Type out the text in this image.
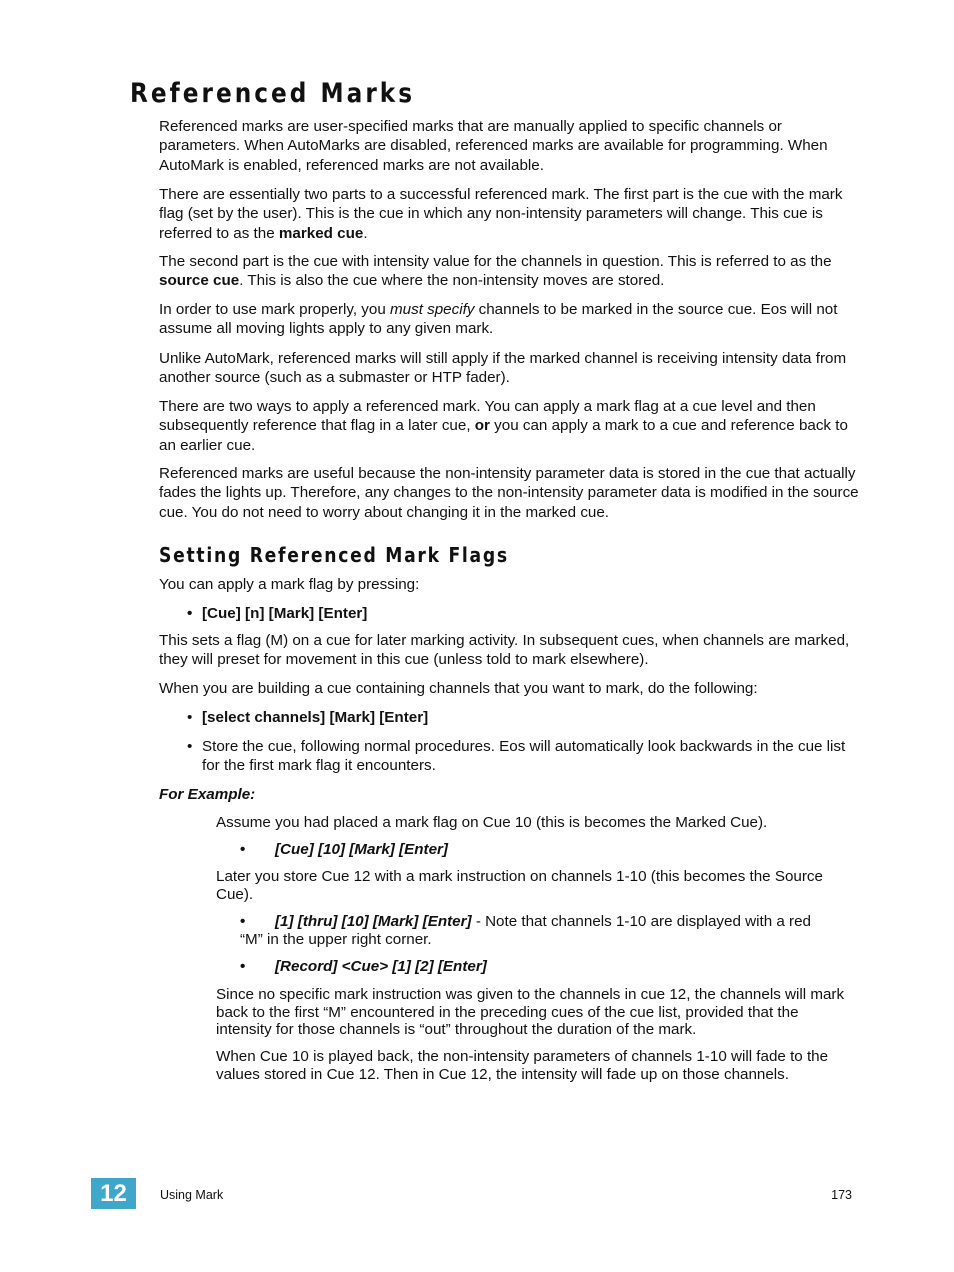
Referenced Marks

Referenced marks are user-specified marks that are manually applied to specific channels or parameters. When AutoMarks are disabled, referenced marks are available for programming. When AutoMark is enabled, referenced marks are not available.

There are essentially two parts to a successful referenced mark. The first part is the cue with the mark flag (set by the user). This is the cue in which any non-intensity parameters will change. This cue is referred to as the marked cue.

The second part is the cue with intensity value for the channels in question. This is referred to as the source cue. This is also the cue where the non-intensity moves are stored.

In order to use mark properly, you must specify channels to be marked in the source cue. Eos will not assume all moving lights apply to any given mark.

Unlike AutoMark, referenced marks will still apply if the marked channel is receiving intensity data from another source (such as a submaster or HTP fader).

There are two ways to apply a referenced mark. You can apply a mark flag at a cue level and then subsequently reference that flag in a later cue, or you can apply a mark to a cue and reference back to an earlier cue.

Referenced marks are useful because the non-intensity parameter data is stored in the cue that actually fades the lights up. Therefore, any changes to the non-intensity parameter data is modified in the source cue. You do not need to worry about changing it in the marked cue.

Setting Referenced Mark Flags

You can apply a mark flag by pressing:

• [Cue] [n] [Mark] [Enter]

This sets a flag (M) on a cue for later marking activity. In subsequent cues, when channels are marked, they will preset for movement in this cue (unless told to mark elsewhere).

When you are building a cue containing channels that you want to mark, do the following:

• [select channels] [Mark] [Enter]
• Store the cue, following normal procedures. Eos will automatically look backwards in the cue list for the first mark flag it encounters.
For Example:

Assume you had placed a mark flag on Cue 10 (this is becomes the Marked Cue).

•	[Cue] [10] [Mark] [Enter]

Later you store Cue 12 with a mark instruction on channels 1-10 (this becomes the Source Cue).

•	[1] [thru] [10] [Mark] [Enter] - Note that channels 1-10 are displayed with a red
“M” in the upper right corner.
•	[Record] <Cue> [1] [2] [Enter]

Since no specific mark instruction was given to the channels in cue 12, the channels will mark back to the first “M” encountered in the preceding cues of the cue list, provided that the intensity for those channels is “out” throughout the duration of the mark.

When Cue 10 is played back, the non-intensity parameters of channels 1-10 will fade to the values stored in Cue 12. Then in Cue 12, the intensity will fade up on those channels.

12	Using Mark	173
